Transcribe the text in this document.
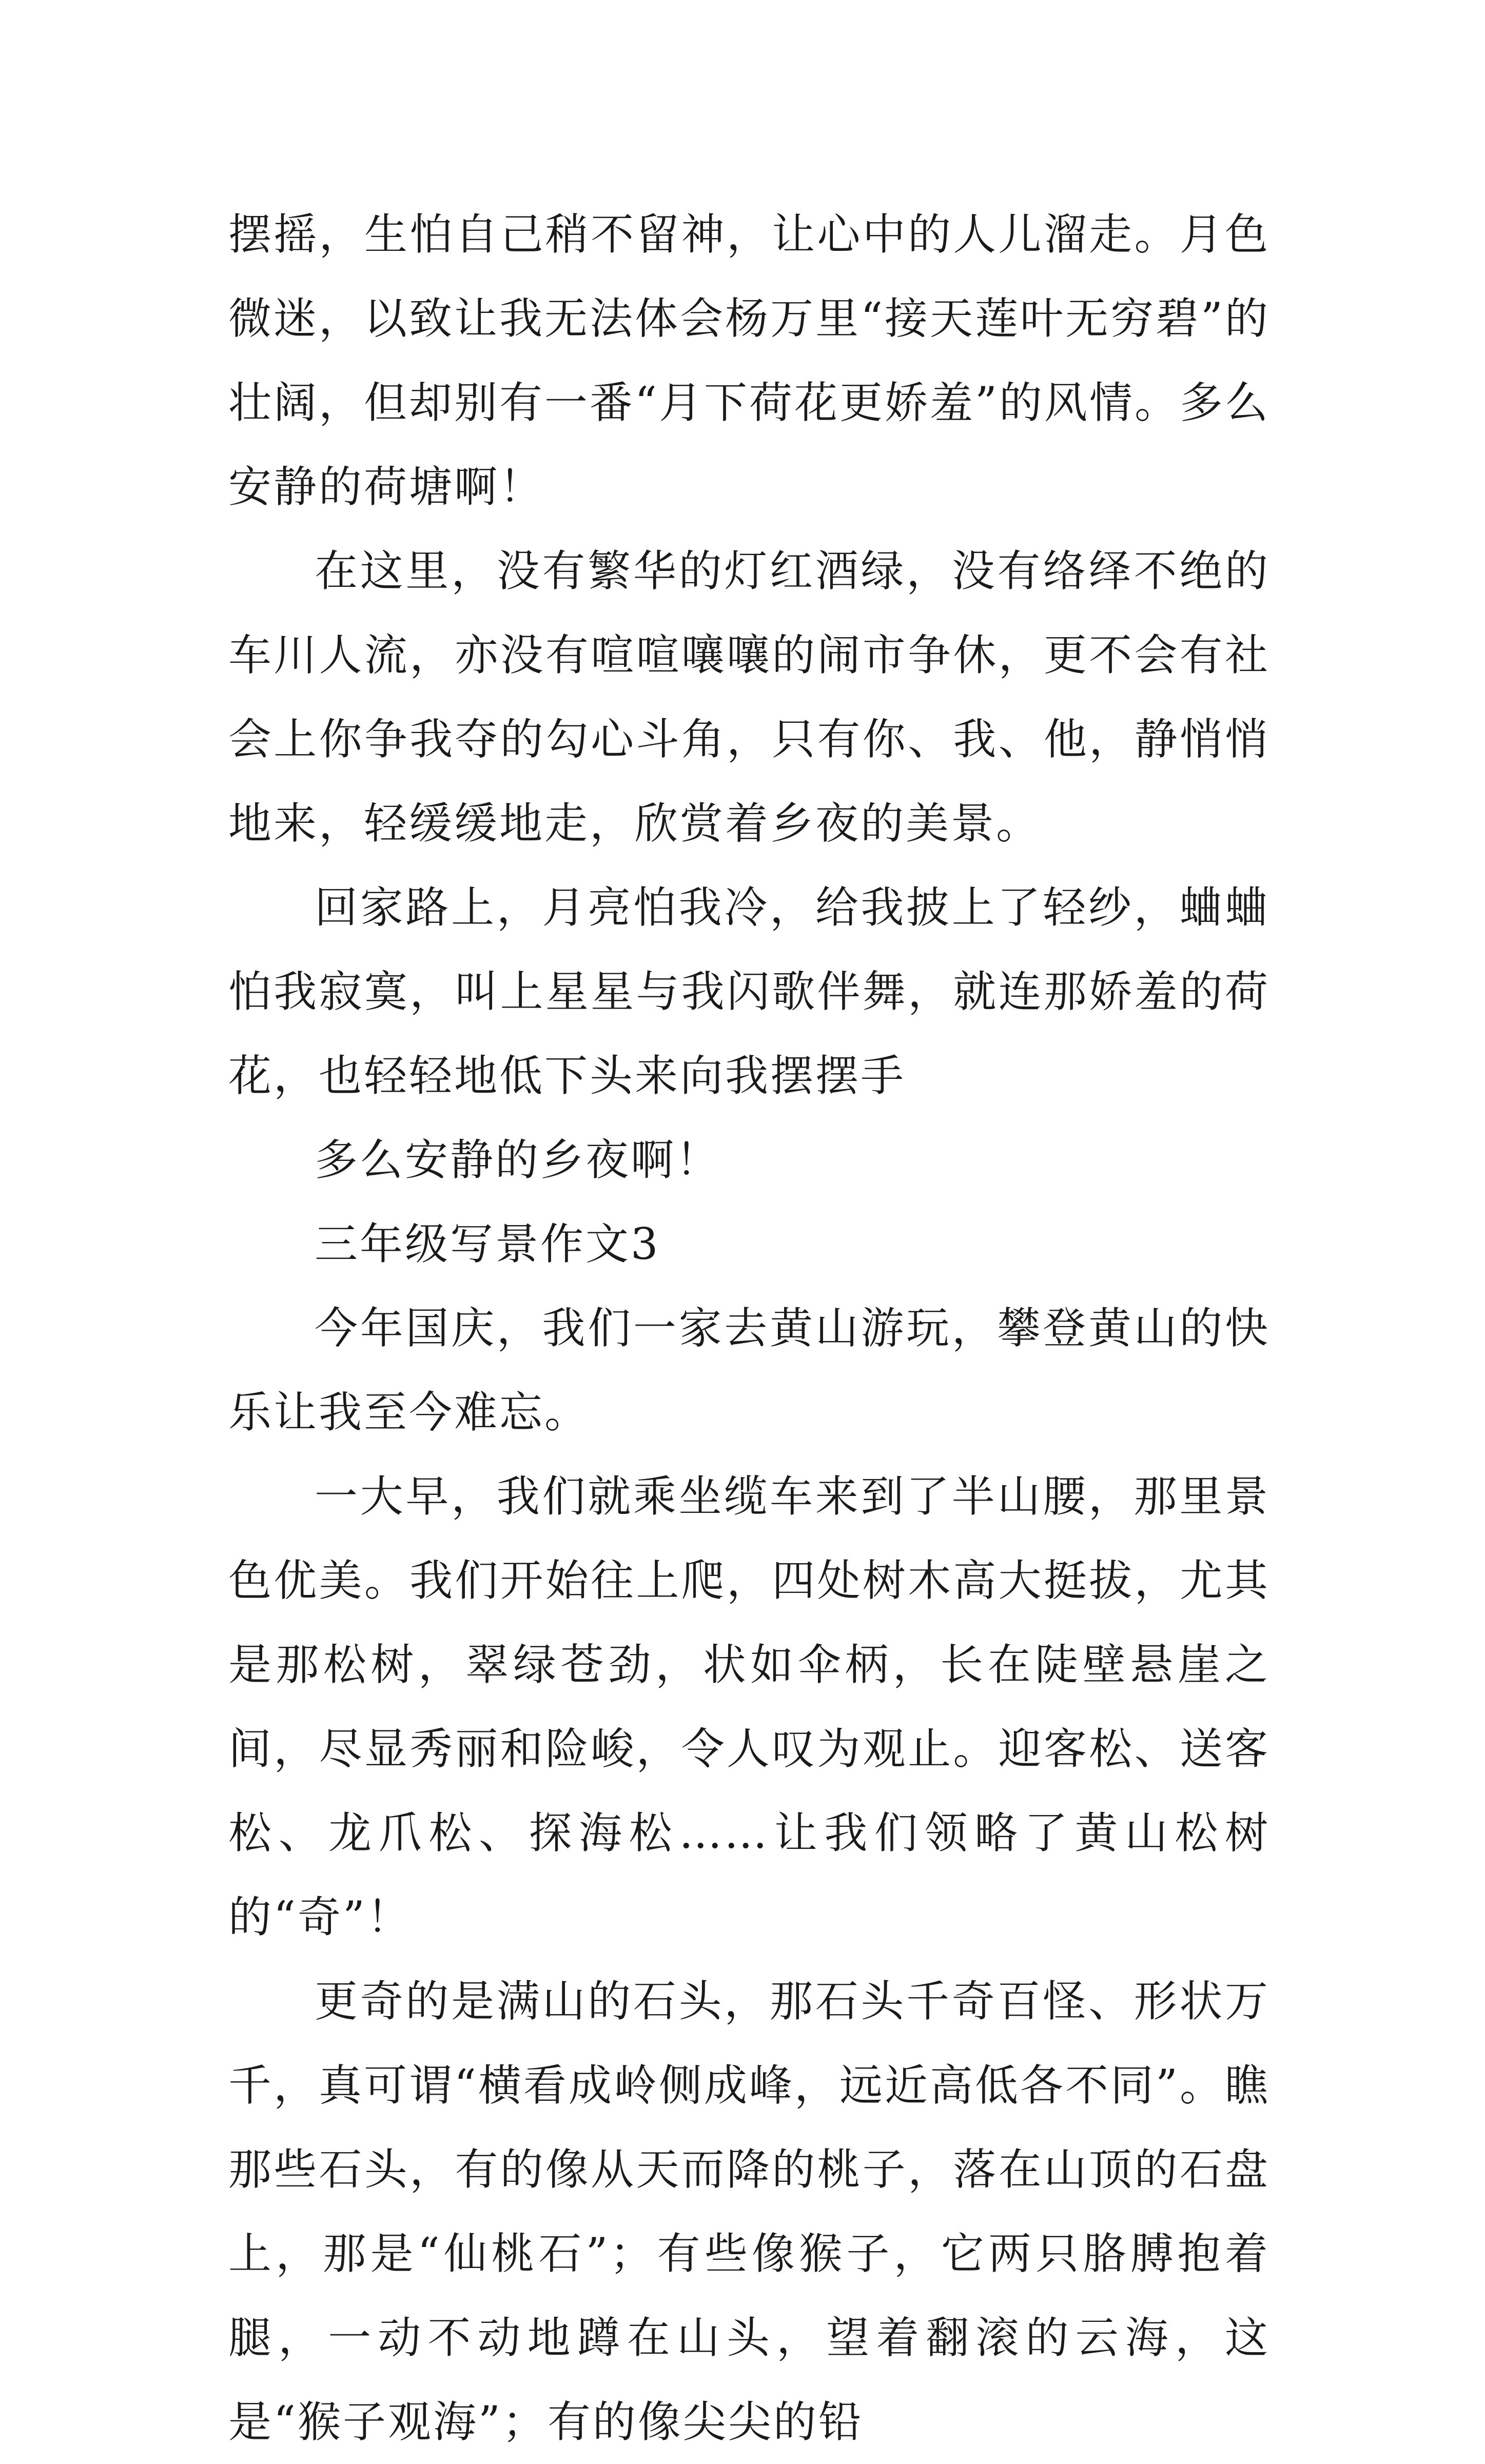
摆摇，生怕自己稍不留神，让心中的人儿溜走。月色微迷，以致让我无法体会杨万里“接天莲叶无穷碧”的壮阔，但却别有一番“月下荷花更娇羞”的风情。多么安静的荷塘啊！

在这里，没有繁华的灯红酒绿，没有络绎不绝的车川人流，亦没有喧喧嚷嚷的闹市争休，更不会有社会上你争我夺的勾心斗角，只有你、我、他，静悄悄地来，轻缓缓地走，欣赏着乡夜的美景。

回家路上，月亮怕我冷，给我披上了轻纱，蛐蛐怕我寂寞，叫上星星与我闪歌伴舞，就连那娇羞的荷花，也轻轻地低下头来向我摆摆手

多么安静的乡夜啊！

三年级写景作文3

今年国庆，我们一家去黄山游玩，攀登黄山的快乐让我至今难忘。

一大早，我们就乘坐缆车来到了半山腰，那里景色优美。我们开始往上爬，四处树木高大挺拔，尤其是那松树，翠绿苍劲，状如伞柄，长在陡壁悬崖之间，尽显秀丽和险峻，令人叹为观止。迎客松、送客松、龙爪松、探海松……让我们领略了黄山松树的“奇”！

更奇的是满山的石头，那石头千奇百怪、形状万千，真可谓“横看成岭侧成峰，远近高低各不同”。瞧那些石头，有的像从天而降的桃子，落在山顶的石盘上，那是“仙桃石”；有些像猴子，它两只胳膊抱着腿，一动不动地蹲在山头，望着翻滚的云海，这是“猴子观海”；有的像尖尖的铅
